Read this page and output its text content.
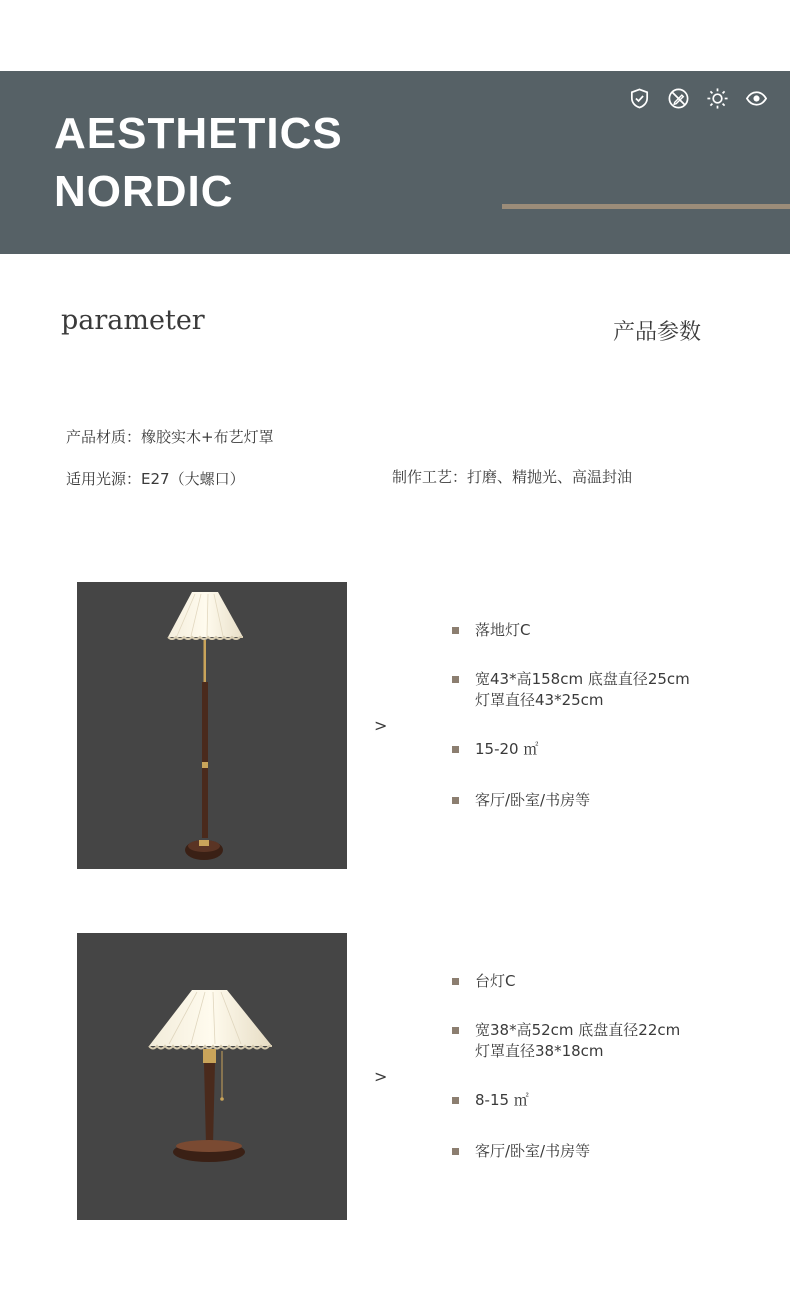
AESTHETICS
NORDIC
parameter	产品参数
产品材质：橡胶实木+布艺灯罩
适用光源：E27（大螺口）	制作工艺：打磨、精抛光、高温封油
>
落地灯C
宽43*高158cm 底盘直径25cm
灯罩直径43*25cm
15-20 ㎡
客厅/卧室/书房等
>
台灯C
宽38*高52cm 底盘直径22cm
灯罩直径38*18cm
8-15 ㎡
客厅/卧室/书房等
